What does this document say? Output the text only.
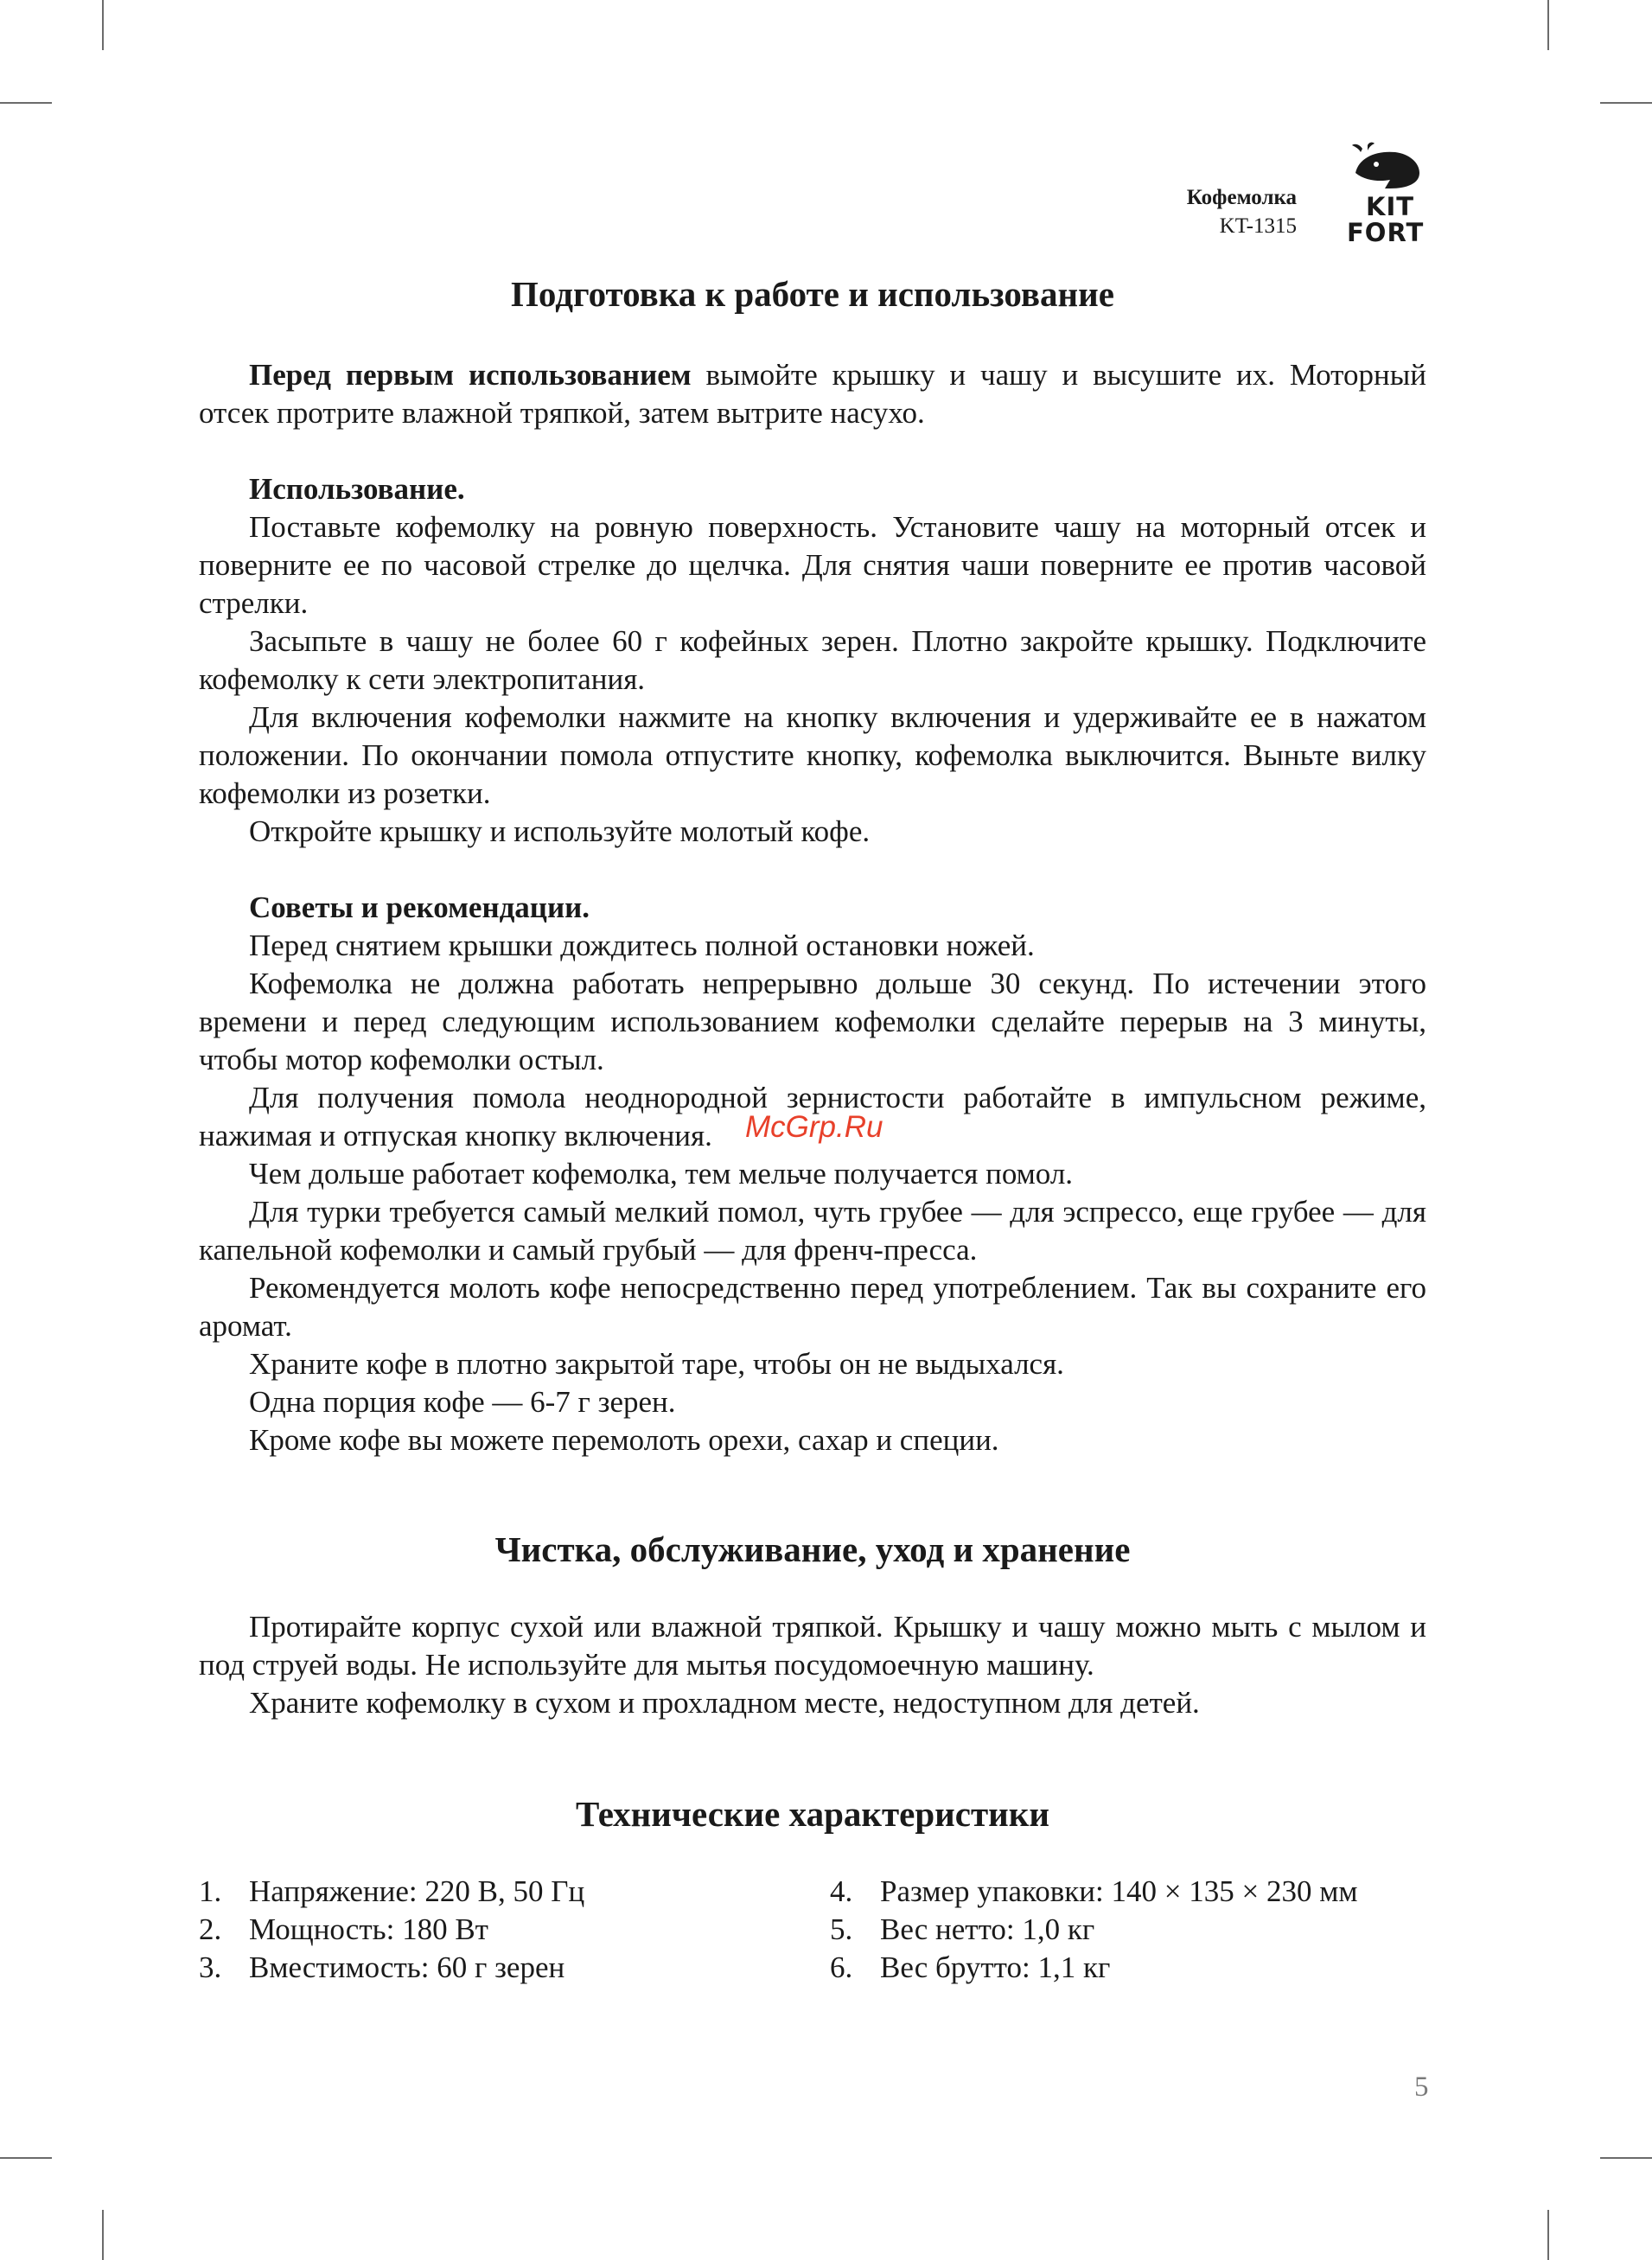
Кофемолка
KT-1315
KIT
FORT
Подготовка к работе и использование

Перед первым использованием вымойте крышку и чашу и высушите их. Моторный отсек протрите влажной тряпкой, затем вытрите насухо.

Использование.

Поставьте кофемолку на ровную поверхность. Установите чашу на моторный отсек и поверните ее по часовой стрелке до щелчка. Для снятия чаши поверните ее против часовой стрелки.

Засыпьте в чашу не более 60 г кофейных зерен. Плотно закройте крышку. Подключите кофемолку к сети электропитания.

Для включения кофемолки нажмите на кнопку включения и удерживайте ее в нажатом положении. По окончании помола отпустите кнопку, кофемолка выключится. Выньте вилку кофемолки из розетки.

Откройте крышку и используйте молотый кофе.

Советы и рекомендации.

Перед снятием крышки дождитесь полной остановки ножей.

Кофемолка не должна работать непрерывно дольше 30 секунд. По истечении этого времени и перед следующим использованием кофемолки сделайте перерыв на 3 минуты, чтобы мотор кофемолки остыл.

Для получения помола неоднородной зернистости работайте в импульсном режиме, нажимая и отпуская кнопку включения.

Чем дольше работает кофемолка, тем мельче получается помол.

Для турки требуется самый мелкий помол, чуть грубее — для эспрессо, еще грубее — для капельной кофемолки и самый грубый — для френч-пресса.

Рекомендуется молоть кофе непосредственно перед употреблением. Так вы сохраните его аромат.

Храните кофе в плотно закрытой таре, чтобы он не выдыхался.

Одна порция кофе — 6-7 г зерен.

Кроме кофе вы можете перемолоть орехи, сахар и специи.

Чистка, обслуживание, уход и хранение

Протирайте корпус сухой или влажной тряпкой. Крышку и чашу можно мыть с мылом и под струей воды. Не используйте для мытья посудомоечную машину.

Храните кофемолку в сухом и прохладном месте, недоступном для детей.

Технические характеристики
1. Напряжение: 220 В, 50 Гц
2. Мощность: 180 Вт
3. Вместимость: 60 г зерен
4. Размер упаковки: 140 × 135 × 230 мм
5. Вес нетто: 1,0 кг
6. Вес брутто: 1,1 кг
McGrp.Ru
5
